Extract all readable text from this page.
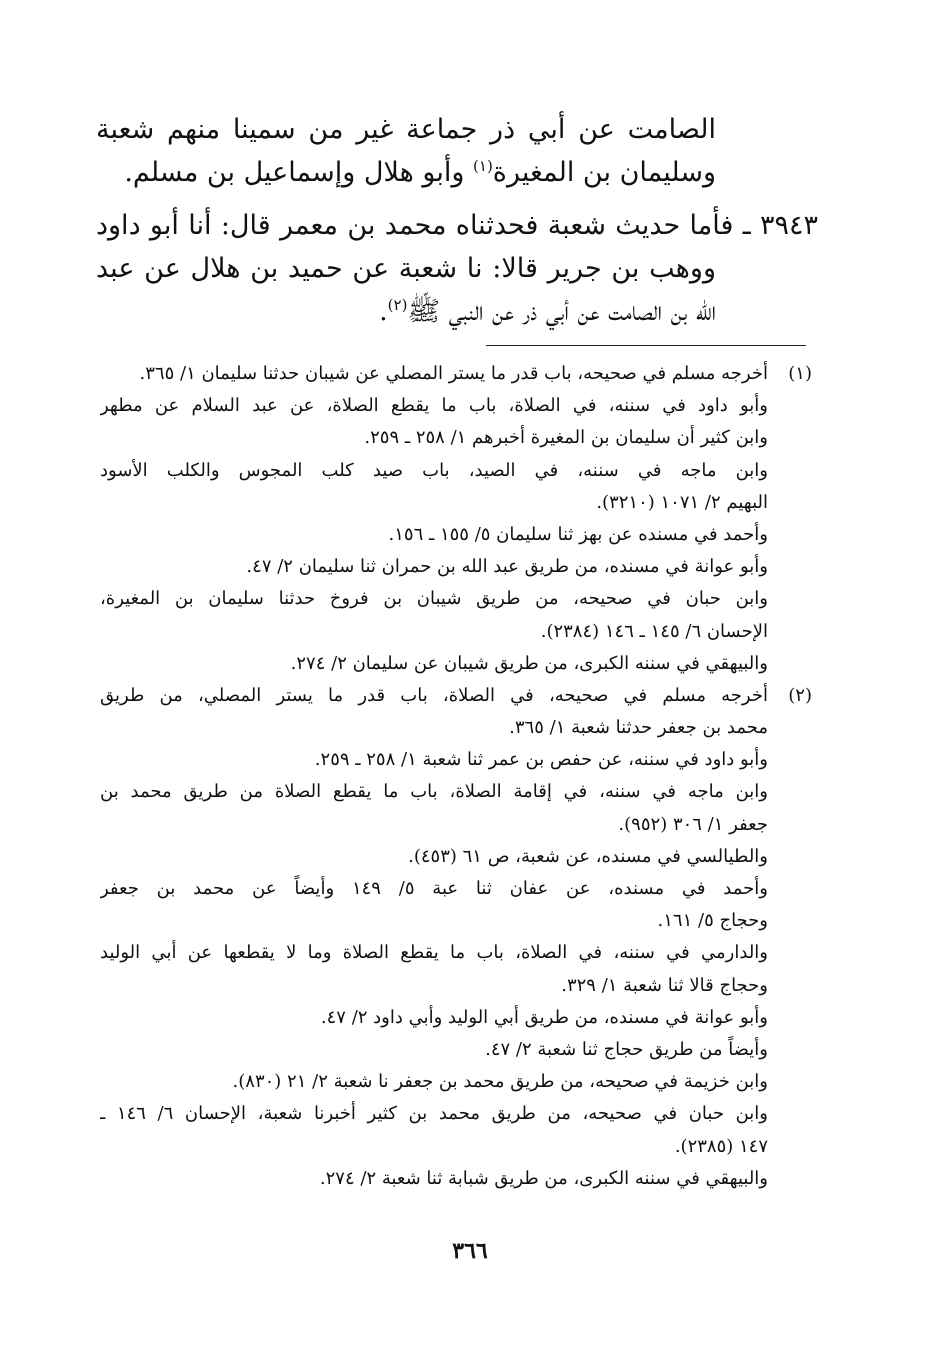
الصامت عن أبي ذر جماعة غير من سمينا منهم شعبة
وسليمان بن المغيرة$^{(١)}$ وأبو هلال وإسماعيل بن مسلم.
٣٩٤٣ ـ فأما حديث شعبة فحدثناه محمد بن معمر قال: أنا أبو داود
ووهب بن جرير قالا: نا شعبة عن حميد بن هلال عن عبد
الله بن الصامت عن أبي ذر عن النبي ﷺ$^{(٢)}$.
(١)
أخرجه مسلم في صحيحه، باب قدر ما يستر المصلي عن شيبان حدثنا سليمان ١/ ٣٦٥.
وأبو داود في سننه، في الصلاة، باب ما يقطع الصلاة، عن عبد السلام عن مطهر
وابن كثير أن سليمان بن المغيرة أخبرهم ١/ ٢٥٨ ـ ٢٥٩.
وابن ماجه في سننه، في الصيد، باب صيد كلب المجوس والكلب الأسود
البهيم ٢/ ١٠٧١ (٣٢١٠).
وأحمد في مسنده عن بهز ثنا سليمان ٥/ ١٥٥ ـ ١٥٦.
وأبو عوانة في مسنده، من طريق عبد الله بن حمران ثنا سليمان ٢/ ٤٧.
وابن حبان في صحيحه، من طريق شيبان بن فروخ حدثنا سليمان بن المغيرة،
الإحسان ٦/ ١٤٥ ـ ١٤٦ (٢٣٨٤).
والبيهقي في سننه الكبرى، من طريق شيبان عن سليمان ٢/ ٢٧٤.
(٢)
أخرجه مسلم في صحيحه، في الصلاة، باب قدر ما يستر المصلي، من طريق
محمد بن جعفر حدثنا شعبة ١/ ٣٦٥.
وأبو داود في سننه، عن حفص بن عمر ثنا شعبة ١/ ٢٥٨ ـ ٢٥٩.
وابن ماجه في سننه، في إقامة الصلاة، باب ما يقطع الصلاة من طريق محمد بن
جعفر ١/ ٣٠٦ (٩٥٢).
والطيالسي في مسنده، عن شعبة، ص ٦١ (٤٥٣).
وأحمد في مسنده، عن عفان ثنا عبة ٥/ ١٤٩ وأيضاً عن محمد بن جعفر
وحجاج ٥/ ١٦١.
والدارمي في سننه، في الصلاة، باب ما يقطع الصلاة وما لا يقطعها عن أبي الوليد
وحجاج قالا ثنا شعبة ١/ ٣٢٩.
وأبو عوانة في مسنده، من طريق أبي الوليد وأبي داود ٢/ ٤٧.
وأيضاً من طريق حجاج ثنا شعبة ٢/ ٤٧.
وابن خزيمة في صحيحه، من طريق محمد بن جعفر نا شعبة ٢/ ٢١ (٨٣٠).
وابن حبان في صحيحه، من طريق محمد بن كثير أخبرنا شعبة، الإحسان ٦/ ١٤٦ ـ
١٤٧ (٢٣٨٥).
والبيهقي في سننه الكبرى، من طريق شبابة ثنا شعبة ٢/ ٢٧٤.
٣٦٦
